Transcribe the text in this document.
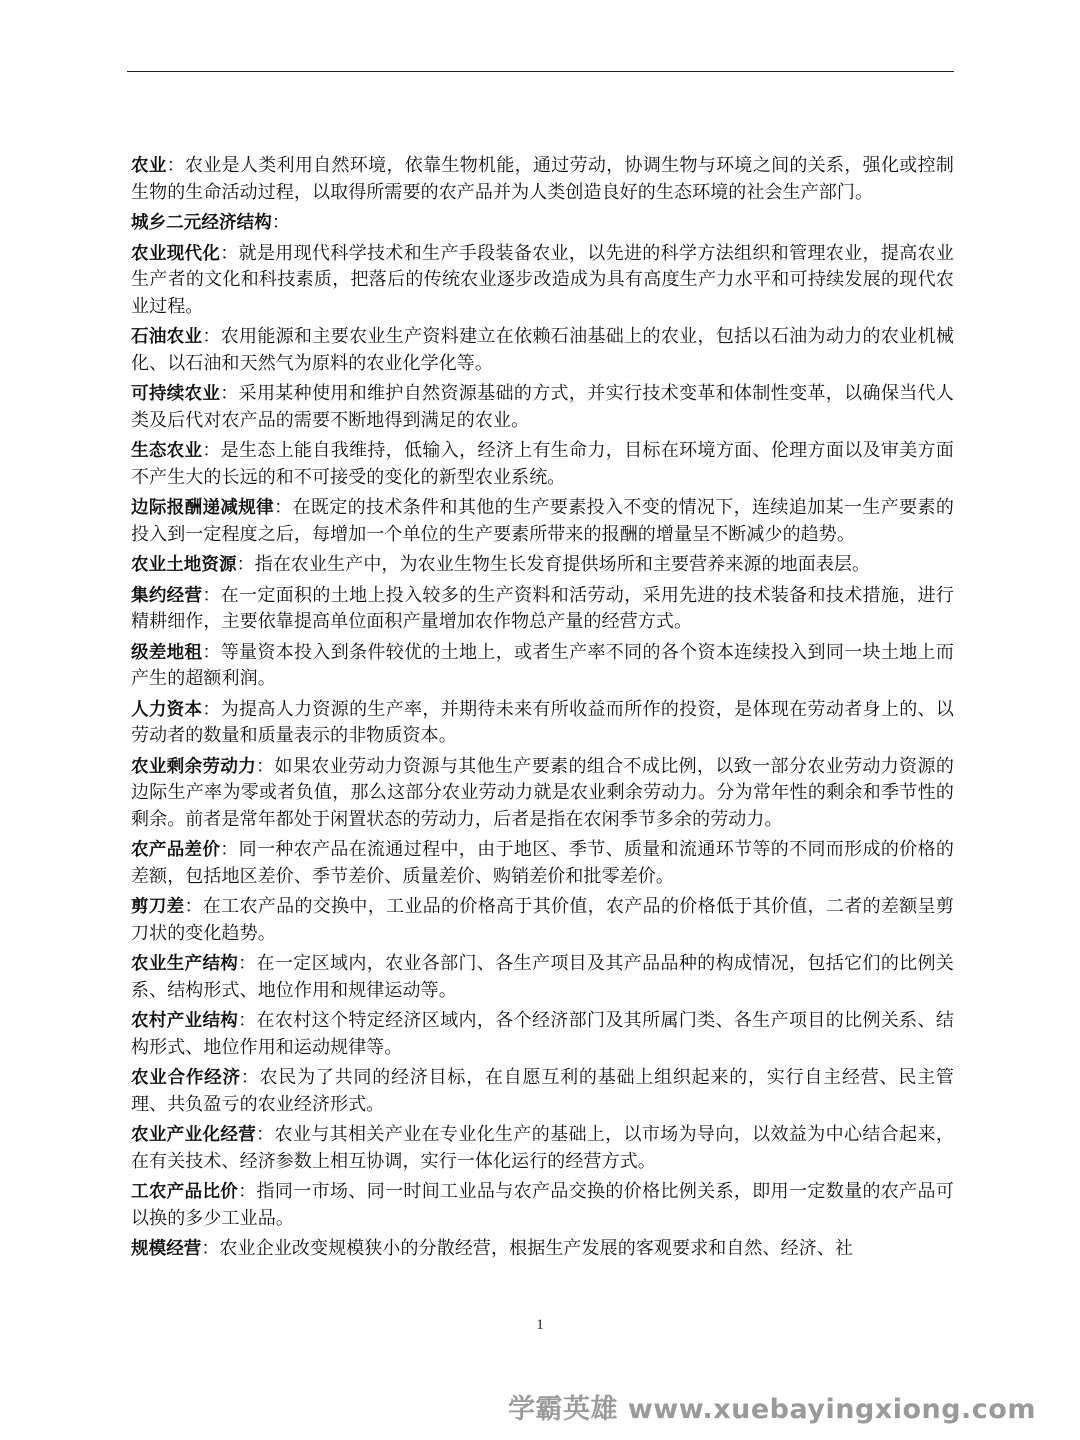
农业：农业是人类利用自然环境，依靠生物机能，通过劳动，协调生物与环境之间的关系，强化或控制生物的生命活动过程，以取得所需要的农产品并为人类创造良好的生态环境的社会生产部门。

城乡二元经济结构：

农业现代化：就是用现代科学技术和生产手段装备农业，以先进的科学方法组织和管理农业，提高农业生产者的文化和科技素质，把落后的传统农业逐步改造成为具有高度生产力水平和可持续发展的现代农业过程。

石油农业：农用能源和主要农业生产资料建立在依赖石油基础上的农业，包括以石油为动力的农业机械化、以石油和天然气为原料的农业化学化等。

可持续农业：采用某种使用和维护自然资源基础的方式，并实行技术变革和体制性变革，以确保当代人类及后代对农产品的需要不断地得到满足的农业。

生态农业：是生态上能自我维持，低输入，经济上有生命力，目标在环境方面、伦理方面以及审美方面不产生大的长远的和不可接受的变化的新型农业系统。

边际报酬递减规律：在既定的技术条件和其他的生产要素投入不变的情况下，连续追加某一生产要素的投入到一定程度之后，每增加一个单位的生产要素所带来的报酬的增量呈不断减少的趋势。

农业土地资源：指在农业生产中，为农业生物生长发育提供场所和主要营养来源的地面表层。

集约经营：在一定面积的土地上投入较多的生产资料和活劳动，采用先进的技术装备和技术措施，进行精耕细作，主要依靠提高单位面积产量增加农作物总产量的经营方式。

级差地租：等量资本投入到条件较优的土地上，或者生产率不同的各个资本连续投入到同一块土地上而产生的超额利润。

人力资本：为提高人力资源的生产率，并期待未来有所收益而所作的投资，是体现在劳动者身上的、以劳动者的数量和质量表示的非物质资本。

农业剩余劳动力：如果农业劳动力资源与其他生产要素的组合不成比例，以致一部分农业劳动力资源的边际生产率为零或者负值，那么这部分农业劳动力就是农业剩余劳动力。分为常年性的剩余和季节性的剩余。前者是常年都处于闲置状态的劳动力，后者是指在农闲季节多余的劳动力。

农产品差价：同一种农产品在流通过程中，由于地区、季节、质量和流通环节等的不同而形成的价格的差额，包括地区差价、季节差价、质量差价、购销差价和批零差价。

剪刀差：在工农产品的交换中，工业品的价格高于其价值，农产品的价格低于其价值，二者的差额呈剪刀状的变化趋势。

农业生产结构：在一定区域内，农业各部门、各生产项目及其产品品种的构成情况，包括它们的比例关系、结构形式、地位作用和规律运动等。

农村产业结构：在农村这个特定经济区域内，各个经济部门及其所属门类、各生产项目的比例关系、结构形式、地位作用和运动规律等。

农业合作经济：农民为了共同的经济目标，在自愿互利的基础上组织起来的，实行自主经营、民主管理、共负盈亏的农业经济形式。

农业产业化经营：农业与其相关产业在专业化生产的基础上，以市场为导向，以效益为中心结合起来，在有关技术、经济参数上相互协调，实行一体化运行的经营方式。

工农产品比价：指同一市场、同一时间工业品与农产品交换的价格比例关系，即用一定数量的农产品可以换的多少工业品。

规模经营：农业企业改变规模狭小的分散经营，根据生产发展的客观要求和自然、经济、社

1
学霸英雄 www.xuebayingxiong.com
